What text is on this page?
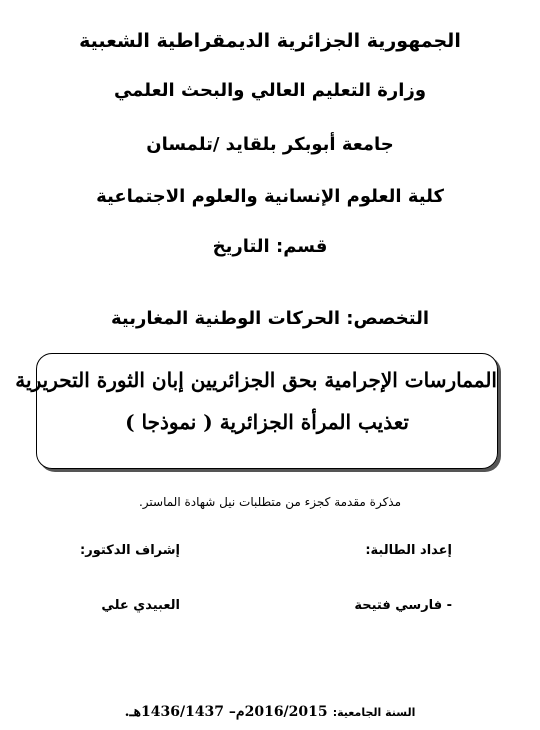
الجمهورية الجزائرية الديمقراطية الشعبية
وزارة التعليم العالي والبحث العلمي
جامعة أبوبكر بلقايد /تلمسان
كلية العلوم الإنسانية والعلوم الاجتماعية
قسم: التاريخ
التخصص: الحركات الوطنية المغاربية
الممارسات الإجرامية بحق الجزائريين إبان الثورة التحريرية
تعذيب المرأة الجزائرية ( نموذجا )
مذكرة مقدمة كجزء من متطلبات نيل شهادة الماستر.
إعداد الطالبة:
- فارسي فتيحة
إشراف الدكتور:
العبيدي علي
السنة الجامعية: 2016/2015م– 1436/1437هـ.
